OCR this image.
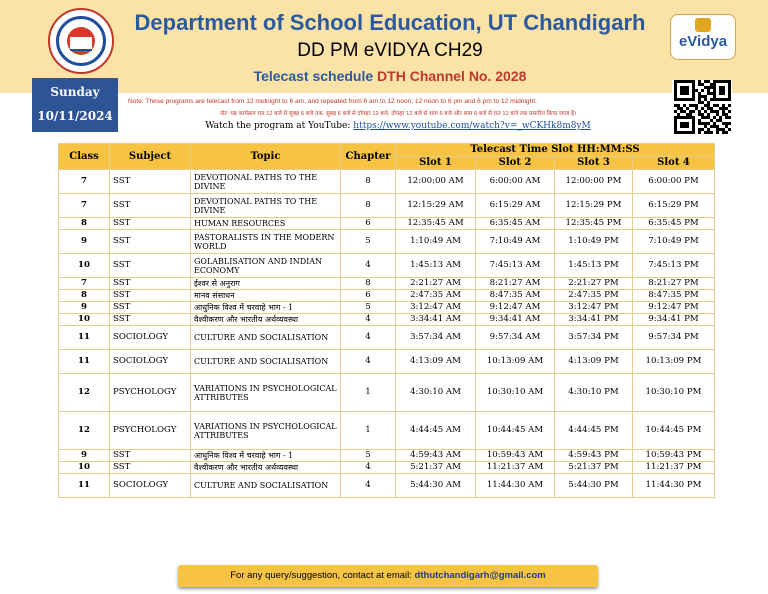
Department of School Education, UT Chandigarh
DD PM eVIDYA CH29
Telecast schedule DTH Channel No. 2028
eVidya
Sunday
10/11/2024
Note: These programs are telecast from 12 midnight to 6 am, and repeated from 6 am to 12 noon, 12 noon to 6 pm and 6 pm to 12 midnight.
नोट: यह कार्यक्रम रात 12 बजे से सुबह 6 बजे तक, सुबह 6 बजे से दोपहर 12 बजे, दोपहर 12 बजे से शाम 6 बजे और शाम 6 बजे से रात 12 बजे तक प्रसारित किया जाता है।
Watch the program at YouTube: https://www.youtube.com/watch?v=_wCKHk8m8yM
Class	Subject	Topic	Chapter	Telecast Time Slot HH:MM:SS			
				Slot 1	Slot 2	Slot 3	Slot 4
7	SST	DEVOTIONAL PATHS TO THE DIVINE	8	12:00:00 AM	6:00:00 AM	12:00:00 PM	6:00:00 PM
7	SST	DEVOTIONAL PATHS TO THE DIVINE	8	12:15:29 AM	6:15:29 AM	12:15:29 PM	6:15:29 PM
8	SST	HUMAN RESOURCES	6	12:35:45 AM	6:35:45 AM	12:35:45 PM	6:35:45 PM
9	SST	PASTORALISTS IN THE MODERN WORLD	5	1:10:49 AM	7:10:49 AM	1:10:49 PM	7:10:49 PM
10	SST	GOLABLISATION AND INDIAN ECONOMY	4	1:45:13 AM	7:45:13 AM	1:45:13 PM	7:45:13 PM
7	SST	ईश्वर से अनुराग	8	2:21:27 AM	8:21:27 AM	2:21:27 PM	8:21:27 PM
8	SST	मानव संसाधन	6	2:47:35 AM	8:47:35 AM	2:47:35 PM	8:47:35 PM
9	SST	आधुनिक विश्व में चरवाहे भाग - 1	5	3:12:47 AM	9:12:47 AM	3:12:47 PM	9:12:47 PM
10	SST	वैश्वीकरण और भारतीय अर्थव्यवस्था	4	3:34:41 AM	9:34:41 AM	3:34:41 PM	9:34:41 PM
11	SOCIOLOGY	CULTURE AND SOCIALISATION	4	3:57:34 AM	9:57:34 AM	3:57:34 PM	9:57:34 PM
11	SOCIOLOGY	CULTURE AND SOCIALISATION	4	4:13:09 AM	10:13:09 AM	4:13:09 PM	10:13:09 PM
12	PSYCHOLOGY	VARIATIONS IN PSYCHOLOGICAL ATTRIBUTES	1	4:30:10 AM	10:30:10 AM	4:30:10 PM	10:30:10 PM
12	PSYCHOLOGY	VARIATIONS IN PSYCHOLOGICAL ATTRIBUTES	1	4:44:45 AM	10:44:45 AM	4:44:45 PM	10:44:45 PM
9	SST	आधुनिक विश्व में चरवाहे भाग - 1	5	4:59:43 AM	10:59:43 AM	4:59:43 PM	10:59:43 PM
10	SST	वैश्वीकरण और भारतीय अर्थव्यवस्था	4	5:21:37 AM	11:21:37 AM	5:21:37 PM	11:21:37 PM
11	SOCIOLOGY	CULTURE AND SOCIALISATION	4	5:44:30 AM	11:44:30 AM	5:44:30 PM	11:44:30 PM
For any query/suggestion, contact at email: dthutchandigarh@gmail.com
